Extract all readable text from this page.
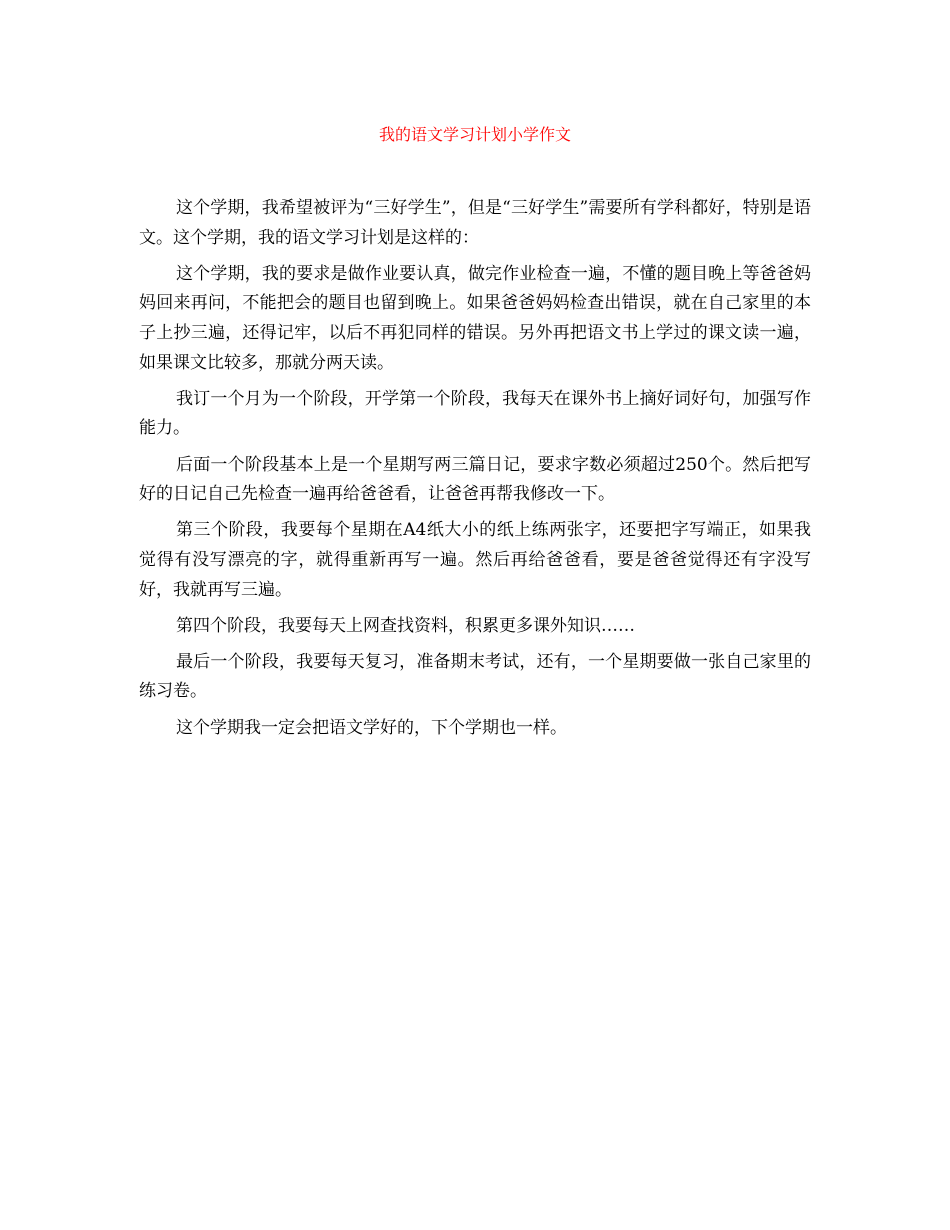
我的语文学习计划小学作文

这个学期，我希望被评为“三好学生”，但是“三好学生”需要所有学科都好，特别是语文。这个学期，我的语文学习计划是这样的：

这个学期，我的要求是做作业要认真，做完作业检查一遍，不懂的题目晚上等爸爸妈妈回来再问，不能把会的题目也留到晚上。如果爸爸妈妈检查出错误，就在自己家里的本子上抄三遍，还得记牢，以后不再犯同样的错误。另外再把语文书上学过的课文读一遍，如果课文比较多，那就分两天读。

我订一个月为一个阶段，开学第一个阶段，我每天在课外书上摘好词好句，加强写作能力。

后面一个阶段基本上是一个星期写两三篇日记，要求字数必须超过250个。然后把写好的日记自己先检查一遍再给爸爸看，让爸爸再帮我修改一下。

第三个阶段，我要每个星期在A4纸大小的纸上练两张字，还要把字写端正，如果我觉得有没写漂亮的字，就得重新再写一遍。然后再给爸爸看，要是爸爸觉得还有字没写好，我就再写三遍。

第四个阶段，我要每天上网查找资料，积累更多课外知识……

最后一个阶段，我要每天复习，准备期末考试，还有，一个星期要做一张自己家里的练习卷。

这个学期我一定会把语文学好的，下个学期也一样。
